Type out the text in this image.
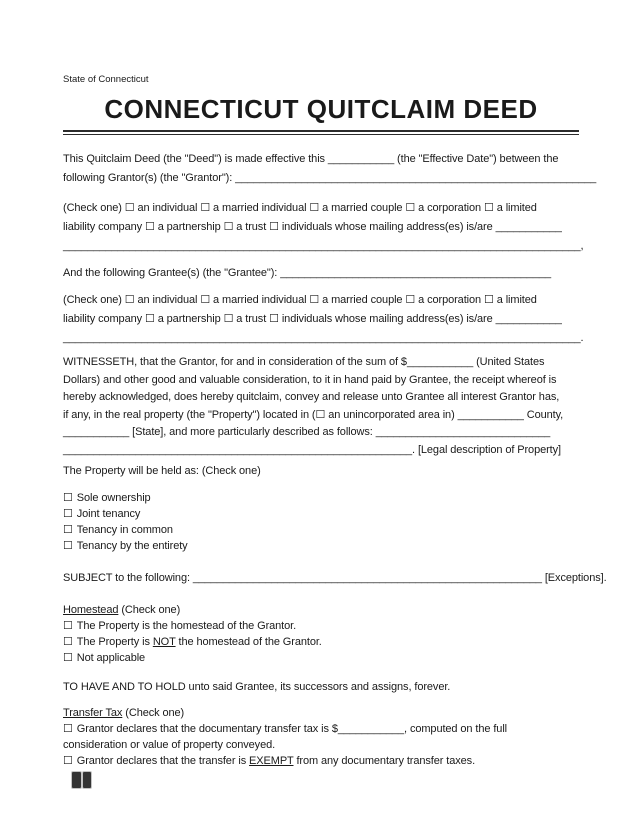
State of Connecticut
CONNECTICUT QUITCLAIM DEED
This Quitclaim Deed (the "Deed") is made effective this ___________ (the "Effective Date") between the
following Grantor(s) (the "Grantor"): ____________________________________________________________
(Check one) ☐ an individual ☐ a married individual ☐ a married couple ☐ a corporation ☐ a limited
liability company ☐ a partnership ☐ a trust ☐ individuals whose mailing address(es) is/are ___________
______________________________________________________________________________________,
And the following Grantee(s) (the "Grantee"): _____________________________________________
(Check one) ☐ an individual ☐ a married individual ☐ a married couple ☐ a corporation ☐ a limited
liability company ☐ a partnership ☐ a trust ☐ individuals whose mailing address(es) is/are ___________
______________________________________________________________________________________.
WITNESSETH, that the Grantor, for and in consideration of the sum of $___________ (United States
Dollars) and other good and valuable consideration, to it in hand paid by Grantee, the receipt whereof is
hereby acknowledged, does hereby quitclaim, convey and release unto Grantee all interest Grantor has,
if any, in the real property (the "Property") located in (☐ an unincorporated area in) ___________ County,
___________ [State], and more particularly described as follows: _____________________________
__________________________________________________________. [Legal description of Property]
The Property will be held as: (Check one)
☐ Sole ownership
☐ Joint tenancy
☐ Tenancy in common
☐ Tenancy by the entirety
SUBJECT to the following: __________________________________________________________ [Exceptions].
Homestead (Check one)
☐ The Property is the homestead of the Grantor.
☐ The Property is NOT the homestead of the Grantor.
☐ Not applicable
TO HAVE AND TO HOLD unto said Grantee, its successors and assigns, forever.
Transfer Tax (Check one)
☐ Grantor declares that the documentary transfer tax is $___________, computed on the full
consideration or value of property conveyed.
☐ Grantor declares that the transfer is EXEMPT from any documentary transfer taxes.
